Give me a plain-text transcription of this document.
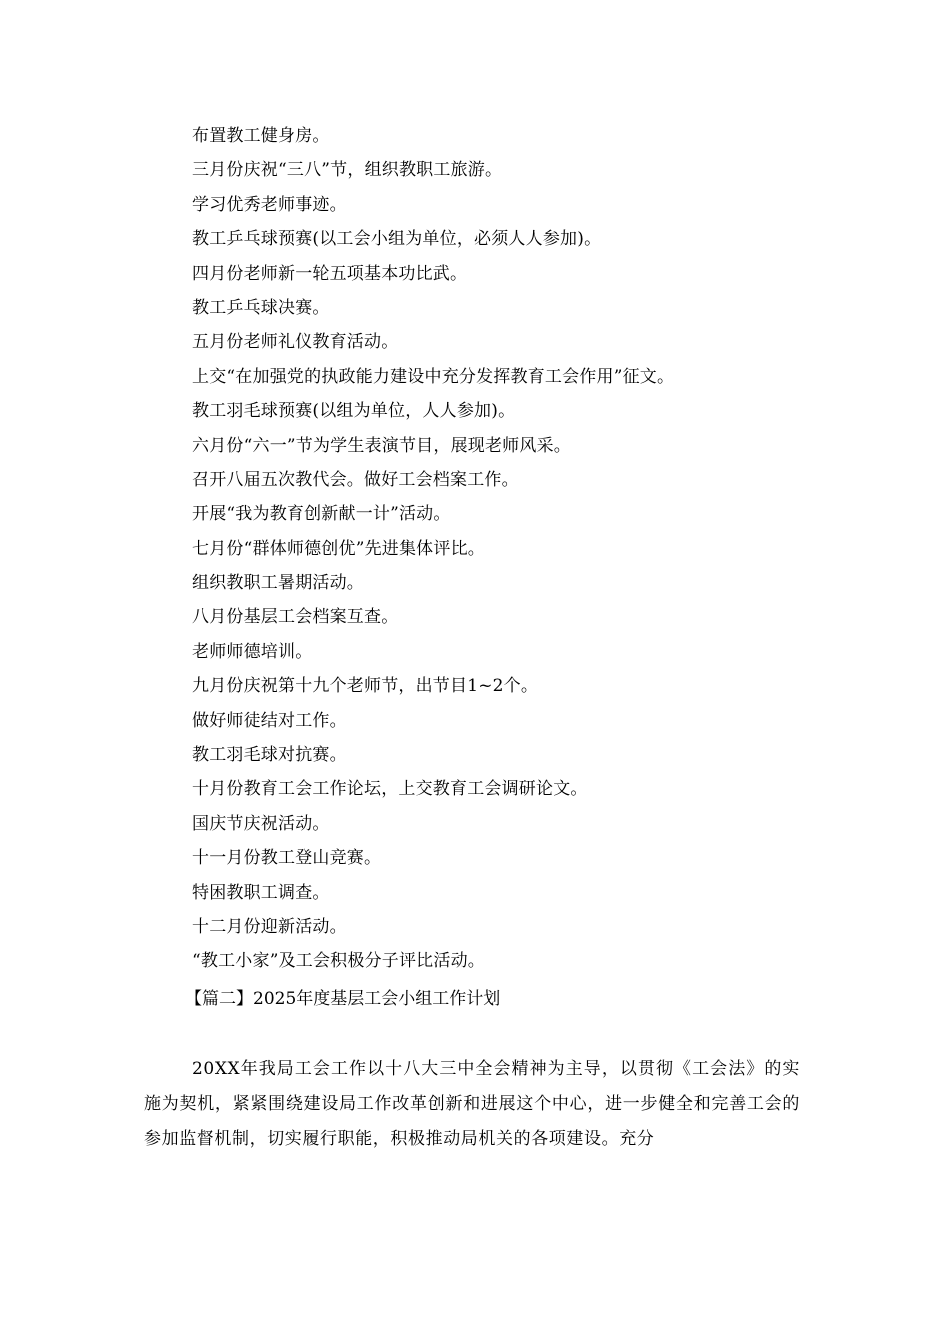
布置教工健身房。
三月份庆祝“三八”节，组织教职工旅游。
学习优秀老师事迹。
教工乒乓球预赛(以工会小组为单位，必须人人参加)。
四月份老师新一轮五项基本功比武。
教工乒乓球决赛。
五月份老师礼仪教育活动。
上交“在加强党的执政能力建设中充分发挥教育工会作用”征文。
教工羽毛球预赛(以组为单位，人人参加)。
六月份“六一”节为学生表演节目，展现老师风采。
召开八届五次教代会。做好工会档案工作。
开展“我为教育创新献一计”活动。
七月份“群体师德创优”先进集体评比。
组织教职工暑期活动。
八月份基层工会档案互查。
老师师德培训。
九月份庆祝第十九个老师节，出节目1~2个。
做好师徒结对工作。
教工羽毛球对抗赛。
十月份教育工会工作论坛，上交教育工会调研论文。
国庆节庆祝活动。
十一月份教工登山竞赛。
特困教职工调查。
十二月份迎新活动。
“教工小家”及工会积极分子评比活动。
【篇二】2025年度基层工会小组工作计划

20XX年我局工会工作以十八大三中全会精神为主导，以贯彻《工会法》的实施为契机，紧紧围绕建设局工作改革创新和进展这个中心，进一步健全和完善工会的参加监督机制，切实履行职能，积极推动局机关的各项建设。充分
